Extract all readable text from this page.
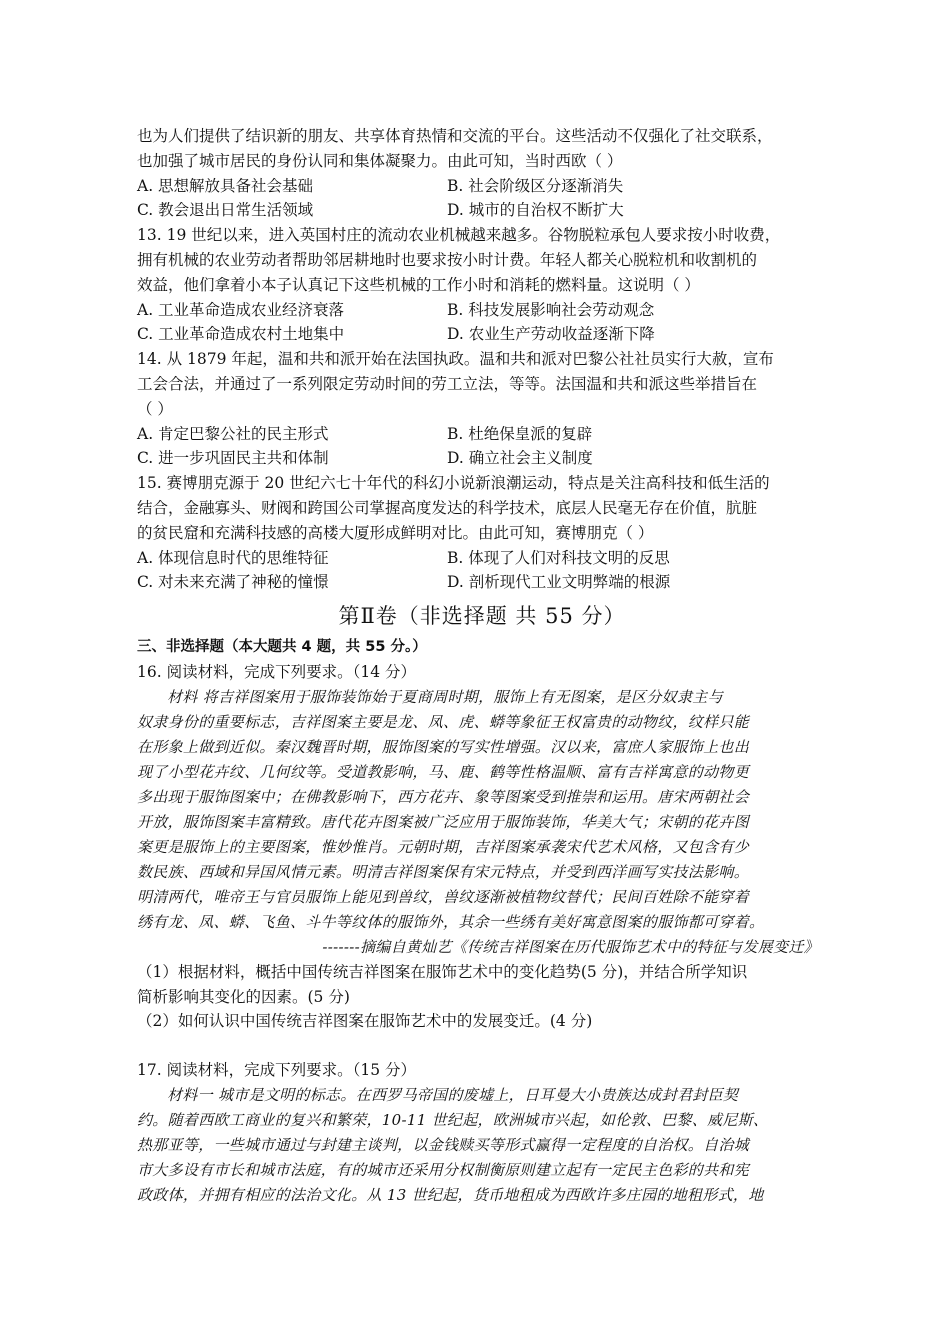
也为人们提供了结识新的朋友、共享体育热情和交流的平台。这些活动不仅强化了社交联系，
也加强了城市居民的身份认同和集体凝聚力。由此可知，当时西欧（ ）
A. 思想解放具备社会基础	B. 社会阶级区分逐渐消失
C. 教会退出日常生活领域	D. 城市的自治权不断扩大
13. 19 世纪以来，进入英国村庄的流动农业机械越来越多。谷物脱粒承包人要求按小时收费，
拥有机械的农业劳动者帮助邻居耕地时也要求按小时计费。年轻人都关心脱粒机和收割机的
效益，他们拿着小本子认真记下这些机械的工作小时和消耗的燃料量。这说明（ ）
A. 工业革命造成农业经济衰落	B. 科技发展影响社会劳动观念
C. 工业革命造成农村土地集中	D. 农业生产劳动收益逐渐下降
14. 从 1879 年起，温和共和派开始在法国执政。温和共和派对巴黎公社社员实行大赦，宣布
工会合法，并通过了一系列限定劳动时间的劳工立法，等等。法国温和共和派这些举措旨在
（ ）
A. 肯定巴黎公社的民主形式	B. 杜绝保皇派的复辟
C. 进一步巩固民主共和体制	D. 确立社会主义制度
15. 赛博朋克源于 20 世纪六七十年代的科幻小说新浪潮运动，特点是关注高科技和低生活的
结合，金融寡头、财阀和跨国公司掌握高度发达的科学技术，底层人民毫无存在价值，肮脏
的贫民窟和充满科技感的高楼大厦形成鲜明对比。由此可知，赛博朋克（ ）
A. 体现信息时代的思维特征	B. 体现了人们对科技文明的反思
C. 对未来充满了神秘的憧憬	D. 剖析现代工业文明弊端的根源
第Ⅱ卷（非选择题 共 55 分）
三、非选择题（本大题共 4 题，共 55 分。）
16. 阅读材料，完成下列要求。（14 分）
材料 将吉祥图案用于服饰装饰始于夏商周时期，服饰上有无图案，是区分奴隶主与
奴隶身份的重要标志，吉祥图案主要是龙、凤、虎、蟒等象征王权富贵的动物纹，纹样只能
在形象上做到近似。秦汉魏晋时期，服饰图案的写实性增强。汉以来，富庶人家服饰上也出
现了小型花卉纹、几何纹等。受道教影响，马、鹿、鹤等性格温顺、富有吉祥寓意的动物更
多出现于服饰图案中；在佛教影响下，西方花卉、象等图案受到推崇和运用。唐宋两朝社会
开放，服饰图案丰富精致。唐代花卉图案被广泛应用于服饰装饰，华美大气；宋朝的花卉图
案更是服饰上的主要图案，惟妙惟肖。元朝时期，吉祥图案承袭宋代艺术风格，又包含有少
数民族、西域和异国风情元素。明清吉祥图案保有宋元特点，并受到西洋画写实技法影响。
明清两代，唯帝王与官员服饰上能见到兽纹，兽纹逐渐被植物纹替代；民间百姓除不能穿着
绣有龙、凤、蟒、飞鱼、斗牛等纹体的服饰外，其余一些绣有美好寓意图案的服饰都可穿着。
-------摘编自黄灿艺《传统吉祥图案在历代服饰艺术中的特征与发展变迁》
（1）根据材料，概括中国传统吉祥图案在服饰艺术中的变化趋势(5 分)，并结合所学知识
简析影响其变化的因素。(5 分)
（2）如何认识中国传统吉祥图案在服饰艺术中的发展变迁。(4 分)
17. 阅读材料，完成下列要求。（15 分）
材料一 城市是文明的标志。在西罗马帝国的废墟上，日耳曼大小贵族达成封君封臣契
约。随着西欧工商业的复兴和繁荣，10-11 世纪起，欧洲城市兴起，如伦敦、巴黎、威尼斯、
热那亚等，一些城市通过与封建主谈判，以金钱赎买等形式赢得一定程度的自治权。自治城
市大多设有市长和城市法庭，有的城市还采用分权制衡原则建立起有一定民主色彩的共和宪
政政体，并拥有相应的法治文化。从 13 世纪起，货币地租成为西欧许多庄园的地租形式，地
